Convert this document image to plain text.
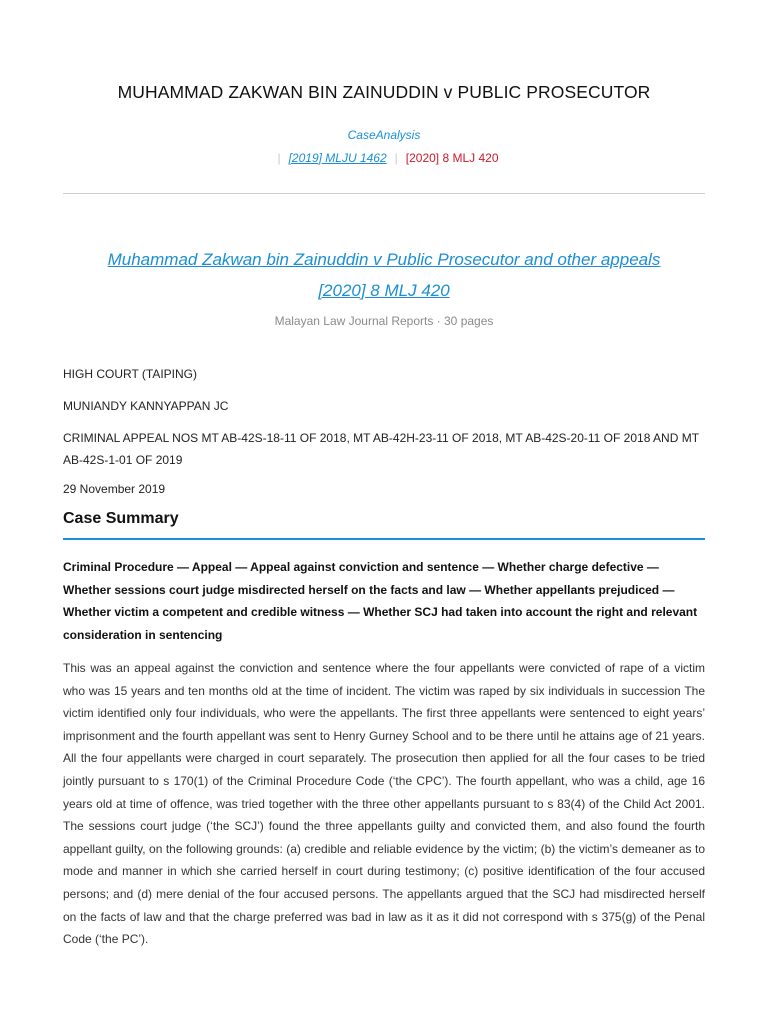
MUHAMMAD ZAKWAN BIN ZAINUDDIN v PUBLIC PROSECUTOR
CaseAnalysis
| [2019] MLJU 1462 | [2020] 8 MLJ 420
Muhammad Zakwan bin Zainuddin v Public Prosecutor and other appeals
[2020] 8 MLJ 420
Malayan Law Journal Reports · 30 pages
HIGH COURT (TAIPING)
MUNIANDY KANNYAPPAN JC
CRIMINAL APPEAL NOS MT AB-42S-18-11 OF 2018, MT AB-42H-23-11 OF 2018, MT AB-42S-20-11 OF 2018 AND MT AB-42S-1-01 OF 2019
29 November 2019
Case Summary
Criminal Procedure — Appeal — Appeal against conviction and sentence — Whether charge defective — Whether sessions court judge misdirected herself on the facts and law — Whether appellants prejudiced — Whether victim a competent and credible witness — Whether SCJ had taken into account the right and relevant consideration in sentencing
This was an appeal against the conviction and sentence where the four appellants were convicted of rape of a victim who was 15 years and ten months old at the time of incident. The victim was raped by six individuals in succession The victim identified only four individuals, who were the appellants. The first three appellants were sentenced to eight years’ imprisonment and the fourth appellant was sent to Henry Gurney School and to be there until he attains age of 21 years. All the four appellants were charged in court separately. The prosecution then applied for all the four cases to be tried jointly pursuant to s 170(1) of the Criminal Procedure Code (‘the CPC’). The fourth appellant, who was a child, age 16 years old at time of offence, was tried together with the three other appellants pursuant to s 83(4) of the Child Act 2001. The sessions court judge (‘the SCJ’) found the three appellants guilty and convicted them, and also found the fourth appellant guilty, on the following grounds: (a) credible and reliable evidence by the victim; (b) the victim’s demeaner as to mode and manner in which she carried herself in court during testimony; (c) positive identification of the four accused persons; and (d) mere denial of the four accused persons. The appellants argued that the SCJ had misdirected herself on the facts of law and that the charge preferred was bad in law as it as it did not correspond with s 375(g) of the Penal Code (‘the PC’).
